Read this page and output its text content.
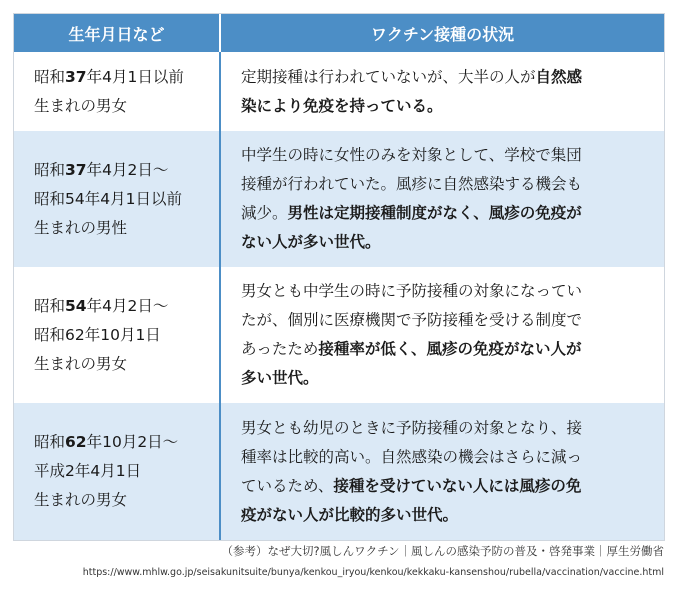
生年月日など	ワクチン接種の状況
昭和37年4月1日以前
生まれの男女
定期接種は行われていないが、大半の人が自然感
染により免疫を持っている。
昭和37年4月2日～
昭和54年4月1日以前
生まれの男性
中学生の時に女性のみを対象として、学校で集団
接種が行われていた。風疹に自然感染する機会も
減少。男性は定期接種制度がなく、風疹の免疫が
ない人が多い世代。
昭和54年4月2日～
昭和62年10月1日
生まれの男女
男女とも中学生の時に予防接種の対象になってい
たが、個別に医療機関で予防接種を受ける制度で
あったため接種率が低く、風疹の免疫がない人が
多い世代。
昭和62年10月2日～
平成2年4月1日
生まれの男女
男女とも幼児のときに予防接種の対象となり、接
種率は比較的高い。自然感染の機会はさらに減っ
ているため、接種を受けていない人には風疹の免
疫がない人が比較的多い世代。
（参考）なぜ大切?風しんワクチン｜風しんの感染予防の普及・啓発事業｜厚生労働省
https://www.mhlw.go.jp/seisakunitsuite/bunya/kenkou_iryou/kenkou/kekkaku-kansenshou/rubella/vaccination/vaccine.html
